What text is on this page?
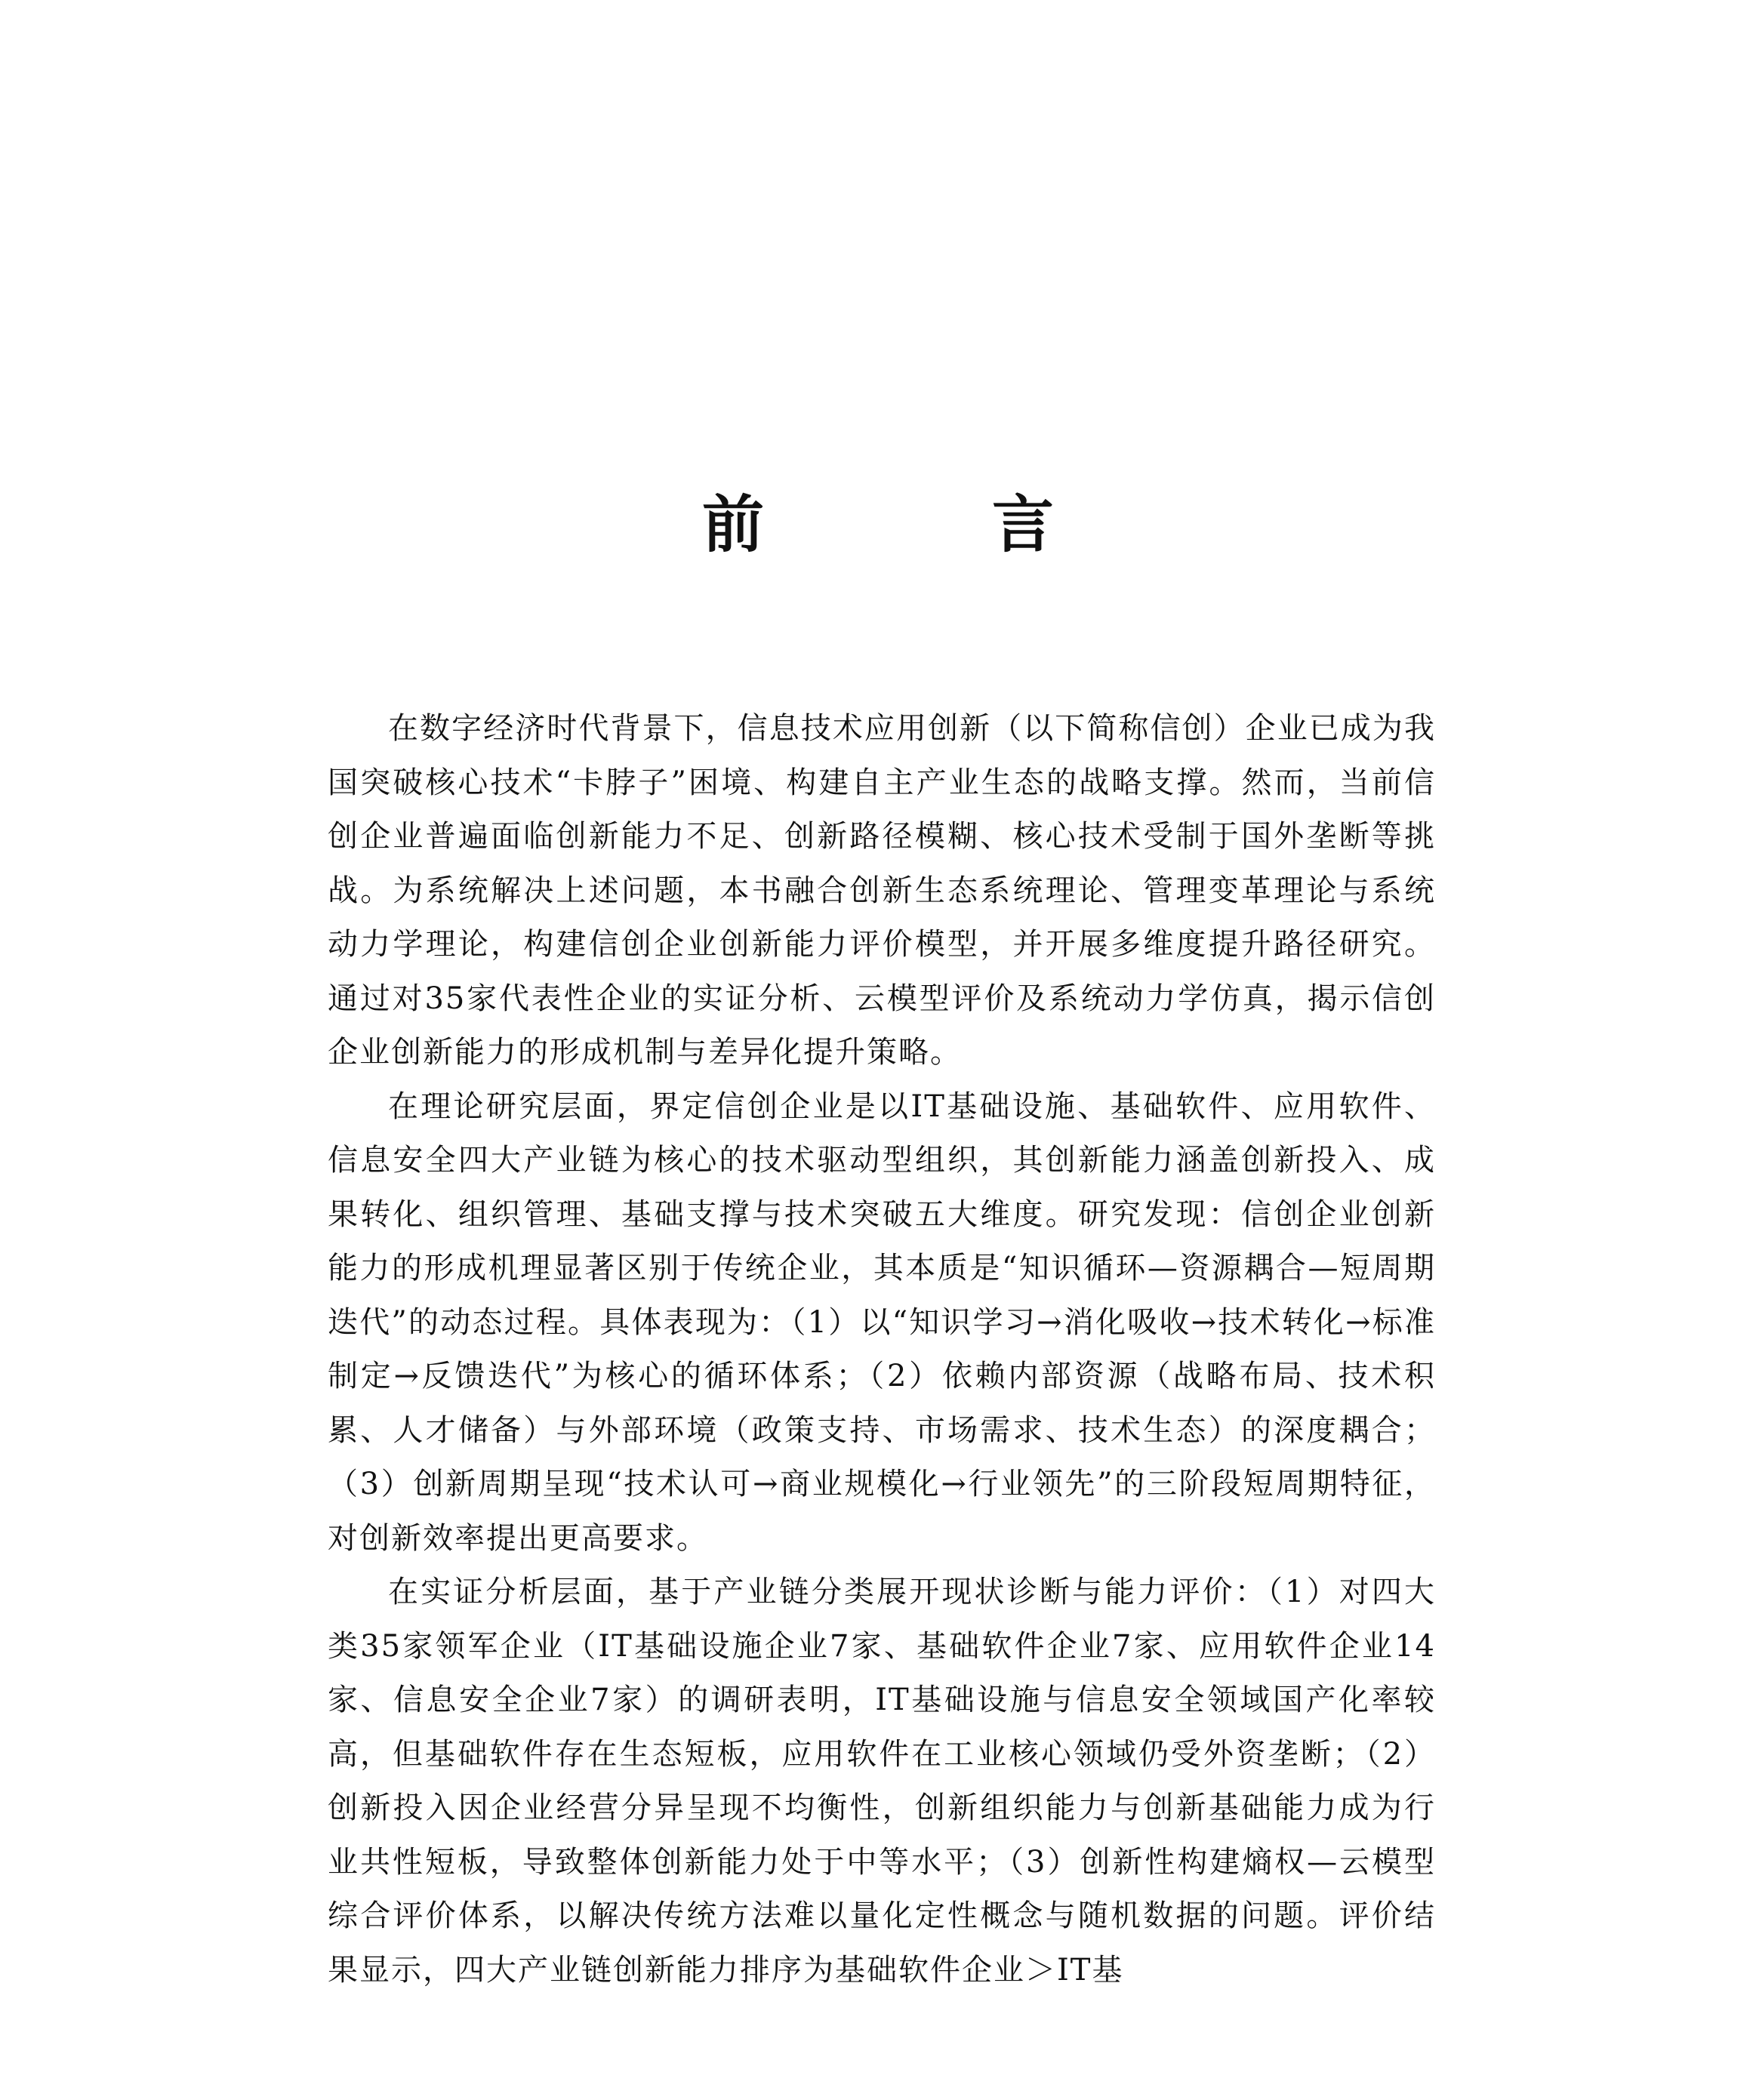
前　言

在数字经济时代背景下，信息技术应用创新（以下简称信创）企业已成为我国突破核心技术“卡脖子”困境、构建自主产业生态的战略支撑。然而，当前信创企业普遍面临创新能力不足、创新路径模糊、核心技术受制于国外垄断等挑战。为系统解决上述问题，本书融合创新生态系统理论、管理变革理论与系统动力学理论，构建信创企业创新能力评价模型，并开展多维度提升路径研究。通过对35家代表性企业的实证分析、云模型评价及系统动力学仿真，揭示信创企业创新能力的形成机制与差异化提升策略。

在理论研究层面，界定信创企业是以IT基础设施、基础软件、应用软件、信息安全四大产业链为核心的技术驱动型组织，其创新能力涵盖创新投入、成果转化、组织管理、基础支撑与技术突破五大维度。研究发现：信创企业创新能力的形成机理显著区别于传统企业，其本质是“知识循环—资源耦合—短周期迭代”的动态过程。具体表现为：（1）以“知识学习→消化吸收→技术转化→标准制定→反馈迭代”为核心的循环体系；（2）依赖内部资源（战略布局、技术积累、人才储备）与外部环境（政策支持、市场需求、技术生态）的深度耦合；（3）创新周期呈现“技术认可→商业规模化→行业领先”的三阶段短周期特征，对创新效率提出更高要求。

在实证分析层面，基于产业链分类展开现状诊断与能力评价：（1）对四大类35家领军企业（IT基础设施企业7家、基础软件企业7家、应用软件企业14家、信息安全企业7家）的调研表明，IT基础设施与信息安全领域国产化率较高，但基础软件存在生态短板，应用软件在工业核心领域仍受外资垄断；（2）创新投入因企业经营分异呈现不均衡性，创新组织能力与创新基础能力成为行业共性短板，导致整体创新能力处于中等水平；（3）创新性构建熵权—云模型综合评价体系，以解决传统方法难以量化定性概念与随机数据的问题。评价结果显示，四大产业链创新能力排序为基础软件企业＞IT基
